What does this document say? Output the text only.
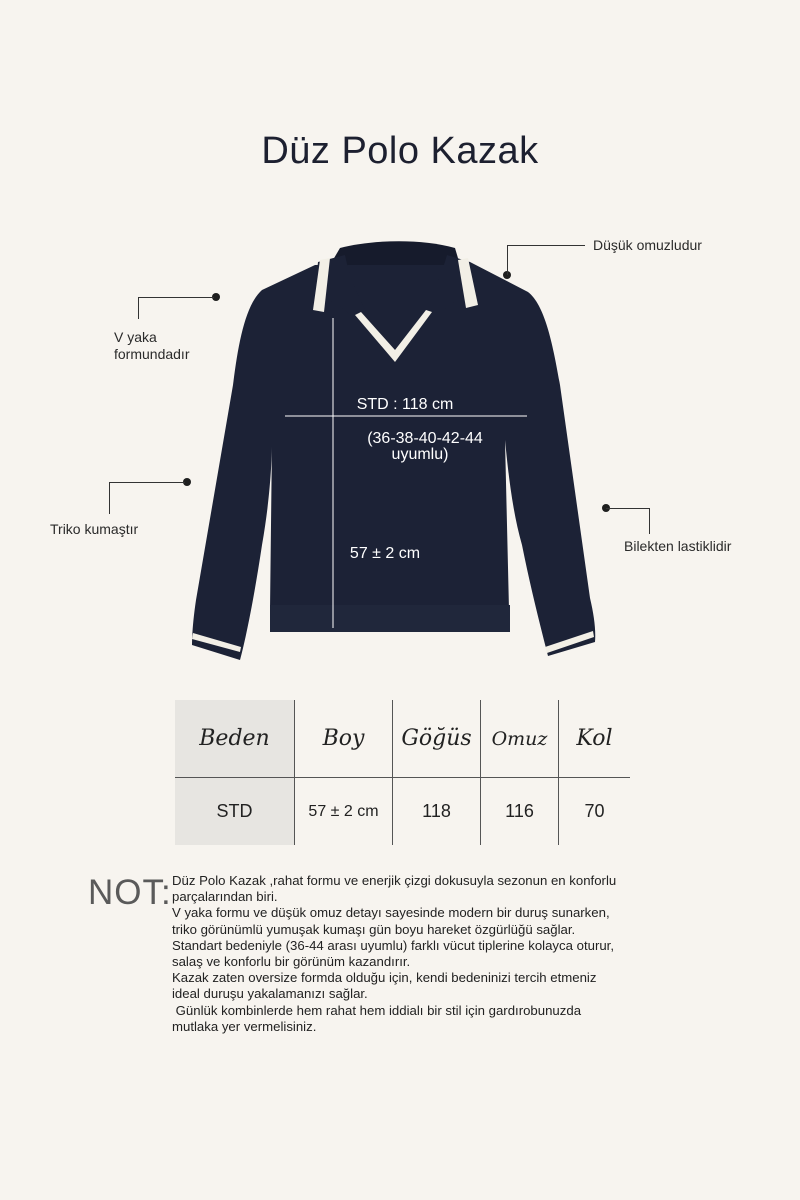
Düz Polo Kazak
STD : 118 cm
(36-38-40-42-44
uyumlu)
57 ± 2 cm
Düşük omuzludur
V yaka
formundadır
Triko kumaştır
Bilekten lastiklidir
Beden	Boy	Göğüs	Omuz	Kol
STD	57 ± 2 cm	118	116	70
NOT: Düz Polo Kazak ,rahat formu ve enerjik çizgi dokusuyla sezonun en konforlu
parçalarından biri.
V yaka formu ve düşük omuz detayı sayesinde modern bir duruş sunarken,
triko görünümlü yumuşak kumaşı gün boyu hareket özgürlüğü sağlar.
Standart bedeniyle (36-44 arası uyumlu) farklı vücut tiplerine kolayca oturur,
salaş ve konforlu bir görünüm kazandırır.
Kazak zaten oversize formda olduğu için, kendi bedeninizi tercih etmeniz
ideal duruşu yakalamanızı sağlar.
Günlük kombinlerde hem rahat hem iddialı bir stil için gardırobunuzda
mutlaka yer vermelisiniz.
